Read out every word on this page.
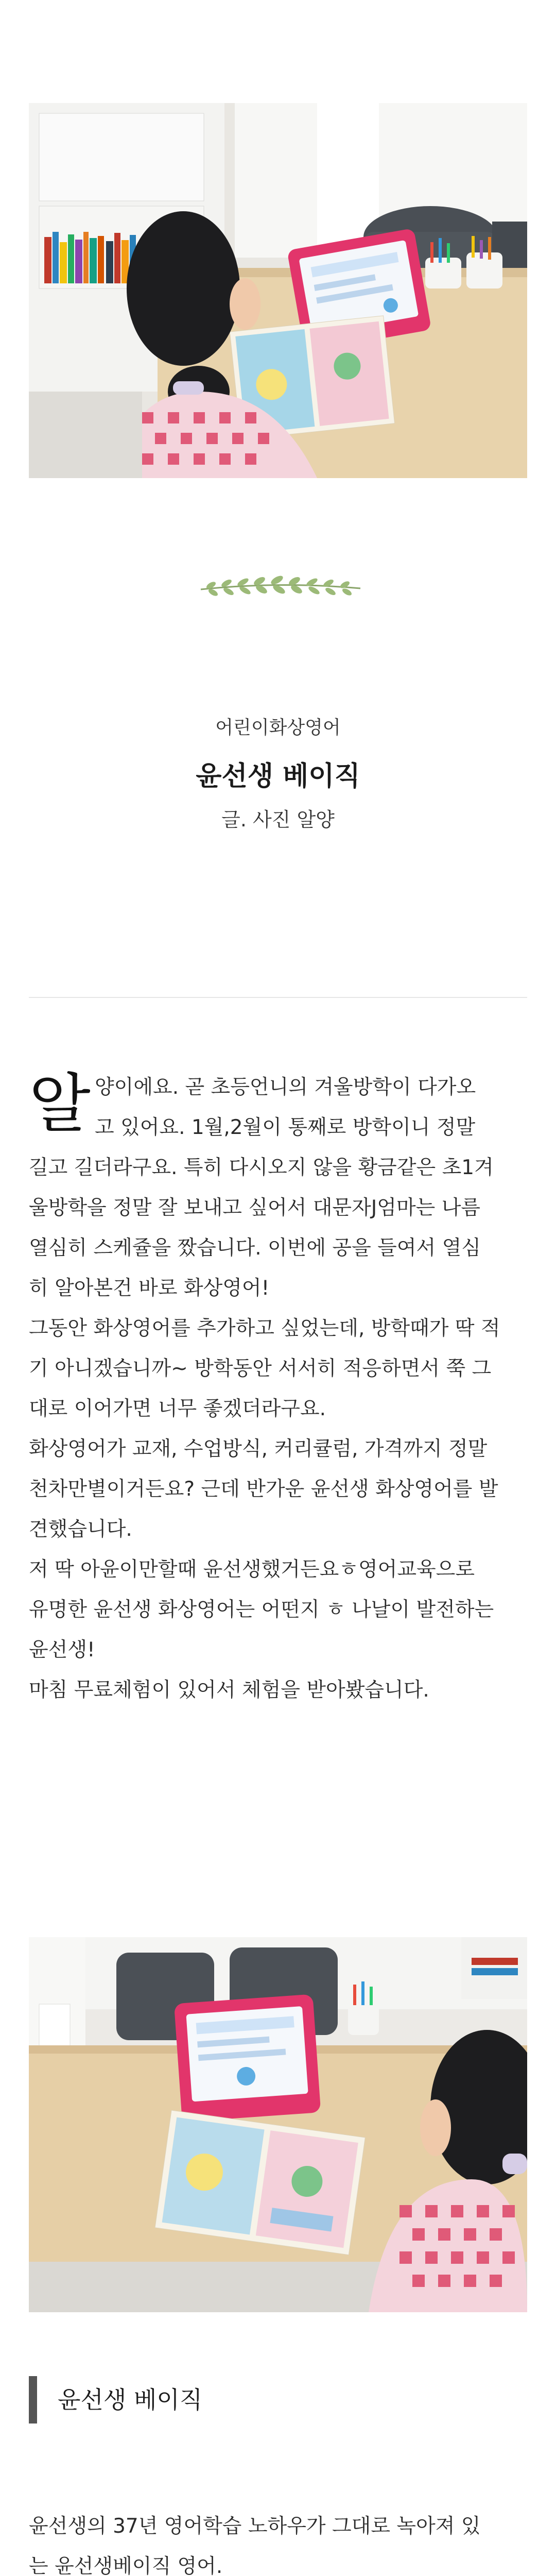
어린이화상영어
윤선생 베이직
글. 사진 알양
알 양이에요. 곧 초등언니의 겨울방학이 다가오
고 있어요. 1월,2월이 통째로 방학이니 정말
길고 길더라구요. 특히 다시오지 않을 황금같은 초1겨
울방학을 정말 잘 보내고 싶어서 대문자J엄마는 나름
열심히 스케쥴을 짰습니다. 이번에 공을 들여서 열심
히 알아본건 바로 화상영어!
그동안 화상영어를 추가하고 싶었는데, 방학때가 딱 적
기 아니겠습니까~ 방학동안 서서히 적응하면서 쭉 그
대로 이어가면 너무 좋겠더라구요.
화상영어가 교재, 수업방식, 커리큘럼, 가격까지 정말
천차만별이거든요? 근데 반가운 윤선생 화상영어를 발
견했습니다.
저 딱 아윤이만할때 윤선생했거든요ㅎ영어교육으로
유명한 윤선생 화상영어는 어떤지 ㅎ 나날이 발전하는
윤선생!
마침 무료체험이 있어서 체험을 받아봤습니다.
윤선생 베이직
윤선생의 37년 영어학습 노하우가 그대로 녹아져 있
는 윤선생베이직 영어.
